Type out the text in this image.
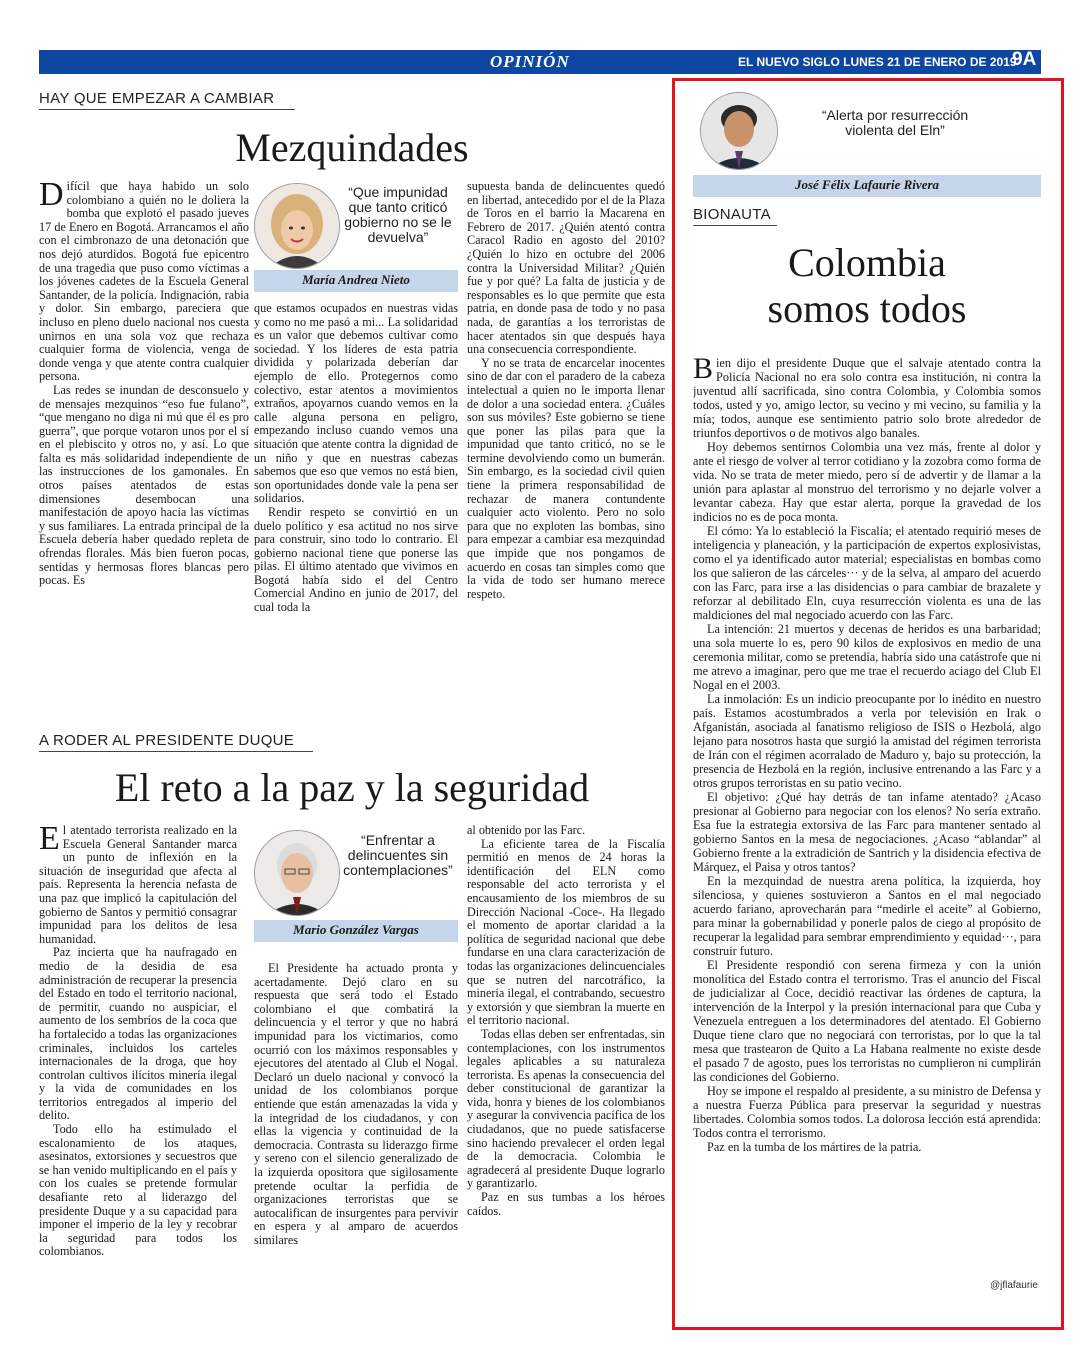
OPINIÓN	EL NUEVO SIGLO LUNES 21 DE ENERO DE 2019
9A
HAY QUE EMPEZAR A CAMBIAR
Mezquindades

Difícil que haya habido un solo colombiano a quién no le doliera la bomba que explotó el pasado jueves 17 de Enero en Bogotá. Arrancamos el año con el cimbronazo de una detonación que nos dejó aturdidos. Bogotá fue epicentro de una tragedia que puso como víctimas a los jóvenes cadetes de la Escuela General Santander, de la policía. Indignación, rabia y dolor. Sin embargo, pareciera que incluso en pleno duelo nacional nos cuesta unirnos en una sola voz que rechaza cualquier forma de violencia, venga de donde venga y que atente contra cualquier persona.

Las redes se inundan de desconsuelo y de mensajes mezquinos “eso fue fulano”, “que mengano no diga ni mú que él es pro guerra”, que porque votaron unos por el sí en el plebiscito y otros no, y así. Lo que falta es más solidaridad independiente de las instrucciones de los gamonales. En otros países atentados de estas dimensiones desembocan una manifestación de apoyo hacia las víctimas y sus familiares. La entrada principal de la Escuela debería haber quedado repleta de ofrendas florales. Más bien fueron pocas, sentidas y hermosas flores blancas pero pocas. Es

“Que impunidad que tanto criticó gobierno no se le devuelva”
María Andrea Nieto

que estamos ocupados en nuestras vidas y como no me pasó a mi... La solidaridad es un valor que debemos cultivar como sociedad. Y los líderes de esta patria dividida y polarizada deberían dar ejemplo de ello. Protegernos como colectivo, estar atentos a movimientos extraños, apoyarnos cuando vemos en la calle alguna persona en peligro, empezando incluso cuando vemos una situación que atente contra la dignidad de un niño y que en nuestras cabezas sabemos que eso que vemos no está bien, son oportunidades donde vale la pena ser solidarios.

Rendir respeto se convirtió en un duelo político y esa actitud no nos sirve para construir, sino todo lo contrario. El gobierno nacional tiene que ponerse las pilas. El último atentado que vivimos en Bogotá había sido el del Centro Comercial Andino en junio de 2017, del cual toda la

supuesta banda de delincuentes quedó en libertad, antecedido por el de la Plaza de Toros en el barrio la Macarena en Febrero de 2017. ¿Quién atentó contra Caracol Radio en agosto del 2010? ¿Quién lo hizo en octubre del 2006 contra la Universidad Militar? ¿Quién fue y por qué? La falta de justicia y de responsables es lo que permite que esta patria, en donde pasa de todo y no pasa nada, de garantías a los terroristas de hacer atentados sin que después haya una consecuencia correspondiente.

Y no se trata de encarcelar inocentes sino de dar con el paradero de la cabeza intelectual a quien no le importa llenar de dolor a una sociedad entera. ¿Cuáles son sus móviles? Este gobierno se tiene que poner las pilas para que la impunidad que tanto criticó, no se le termine devolviendo como un bumerán. Sin embargo, es la sociedad civil quien tiene la primera responsabilidad de rechazar de manera contundente cualquier acto violento. Pero no solo para que no exploten las bombas, sino para empezar a cambiar esa mezquindad que impide que nos pongamos de acuerdo en cosas tan simples como que la vida de todo ser humano merece respeto.

A RODER AL PRESIDENTE DUQUE
El reto a la paz y la seguridad

El atentado terrorista realizado en la Escuela General Santander marca un punto de inflexión en la situación de inseguridad que afecta al país. Representa la herencia nefasta de una paz que implicó la capitulación del gobierno de Santos y permitió consagrar impunidad para los delitos de lesa humanidad.

Paz incierta que ha naufragado en medio de la desidia de esa administración de recuperar la presencia del Estado en todo el territorio nacional, de permitir, cuando no auspiciar, el aumento de los sembríos de la coca que ha fortalecido a todas las organizaciones criminales, incluidos los carteles internacionales de la droga, que hoy controlan cultivos ilícitos minería ilegal y la vida de comunidades en los territorios entregados al imperio del delito.

Todo ello ha estimulado el escalonamiento de los ataques, asesinatos, extorsiones y secuestros que se han venido multiplicando en el país y con los cuales se pretende formular desafiante reto al liderazgo del presidente Duque y a su capacidad para imponer el imperio de la ley y recobrar la seguridad para todos los colombianos.

“Enfrentar a delincuentes sin contemplaciones”
Mario González Vargas

El Presidente ha actuado pronta y acertadamente. Dejó claro en su respuesta que será todo el Estado colombiano el que combatirá la delincuencia y el terror y que no habrá impunidad para los victimarios, como ocurrió con los máximos responsables y ejecutores del atentado al Club el Nogal. Declaró un duelo nacional y convocó la unidad de los colombianos porque entiende que están amenazadas la vida y la integridad de los ciudadanos, y con ellas la vigencia y continuidad de la democracia. Contrasta su liderazgo firme y sereno con el silencio generalizado de la izquierda opositora que sigilosamente pretende ocultar la perfidia de organizaciones terroristas que se autocalifican de insurgentes para pervivir en espera y al amparo de acuerdos similares

al obtenido por las Farc.

La eficiente tarea de la Fiscalía permitió en menos de 24 horas la identificación del ELN como responsable del acto terrorista y el encausamiento de los miembros de su Dirección Nacional -Coce-. Ha llegado el momento de aportar claridad a la política de seguridad nacional que debe fundarse en una clara caracterización de todas las organizaciones delincuenciales que se nutren del narcotráfico, la minería ilegal, el contrabando, secuestro y extorsión y que siembran la muerte en el territorio nacional.

Todas ellas deben ser enfrentadas, sin contemplaciones, con los instrumentos legales aplicables a su naturaleza terrorista. Es apenas la consecuencia del deber constitucional de garantizar la vida, honra y bienes de los colombianos y asegurar la convivencia pacífica de los ciudadanos, que no puede satisfacerse sino haciendo prevalecer el orden legal de la democracia. Colombia le agradecerá al presidente Duque lograrlo y garantizarlo.

Paz en sus tumbas a los héroes caídos.

“Alerta por resurrección violenta del Eln”
José Félix Lafaurie Rivera
BIONAUTA
Colombia
somos todos

Bien dijo el presidente Duque que el salvaje atentado contra la Policía Nacional no era solo contra esa institución, ni contra la juventud allí sacrificada, sino contra Colombia, y Colombia somos todos, usted y yo, amigo lector, su vecino y mi vecino, su familia y la mía; todos, aunque ese sentimiento patrio solo brote alrededor de triunfos deportivos o de motivos algo banales.

Hoy debemos sentirnos Colombia una vez más, frente al dolor y ante el riesgo de volver al terror cotidiano y la zozobra como forma de vida. No se trata de meter miedo, pero sí de advertir y de llamar a la unión para aplastar al monstruo del terrorismo y no dejarle volver a levantar cabeza. Hay que estar alerta, porque la gravedad de los indicios no es de poca monta.

El cómo: Ya lo estableció la Fiscalía; el atentado requirió meses de inteligencia y planeación, y la participación de expertos explosivistas, como el ya identificado autor material; especialistas en bombas como los que salieron de las cárceles··· y de la selva, al amparo del acuerdo con las Farc, para irse a las disidencias o para cambiar de brazalete y reforzar al debilitado Eln, cuya resurrección violenta es una de las maldiciones del mal negociado acuerdo con las Farc.

La intención: 21 muertos y decenas de heridos es una barbaridad; una sola muerte lo es, pero 90 kilos de explosivos en medio de una ceremonia militar, como se pretendía, habría sido una catástrofe que ni me atrevo a imaginar, pero que me trae el recuerdo aciago del Club El Nogal en el 2003.

La inmolación: Es un indicio preocupante por lo inédito en nuestro país. Estamos acostumbrados a verla por televisión en Irak o Afganistán, asociada al fanatismo religioso de ISIS o Hezbolá, algo lejano para nosotros hasta que surgió la amistad del régimen terrorista de Irán con el régimen acorralado de Maduro y, bajo su protección, la presencia de Hezbolá en la región, inclusive entrenando a las Farc y a otros grupos terroristas en su patio vecino.

El objetivo: ¿Qué hay detrás de tan infame atentado? ¿Acaso presionar al Gobierno para negociar con los elenos? No sería extraño. Esa fue la estrategia extorsiva de las Farc para mantener sentado al gobierno Santos en la mesa de negociaciones. ¿Acaso “ablandar” al Gobierno frente a la extradición de Santrich y la disidencia efectiva de Márquez, el Paisa y otros tantos?

En la mezquindad de nuestra arena política, la izquierda, hoy silenciosa, y quienes sostuvieron a Santos en el mal negociado acuerdo fariano, aprovecharán para “medirle el aceite” al Gobierno, para minar la gobernabilidad y ponerle palos de ciego al propósito de recuperar la legalidad para sembrar emprendimiento y equidad···, para construir futuro.

El Presidente respondió con serena firmeza y con la unión monolítica del Estado contra el terrorismo. Tras el anuncio del Fiscal de judicializar al Coce, decidió reactivar las órdenes de captura, la intervención de la Interpol y la presión internacional para que Cuba y Venezuela entreguen a los determinadores del atentado. El Gobierno Duque tiene claro que no negociará con terroristas, por lo que la tal mesa que trastearon de Quito a La Habana realmente no existe desde el pasado 7 de agosto, pues los terroristas no cumplieron ni cumplirán las condiciones del Gobierno.

Hoy se impone el respaldo al presidente, a su ministro de Defensa y a nuestra Fuerza Pública para preservar la seguridad y nuestras libertades. Colombia somos todos. La dolorosa lección está aprendida: Todos contra el terrorismo.

Paz en la tumba de los mártires de la patria.

@jflafaurie
